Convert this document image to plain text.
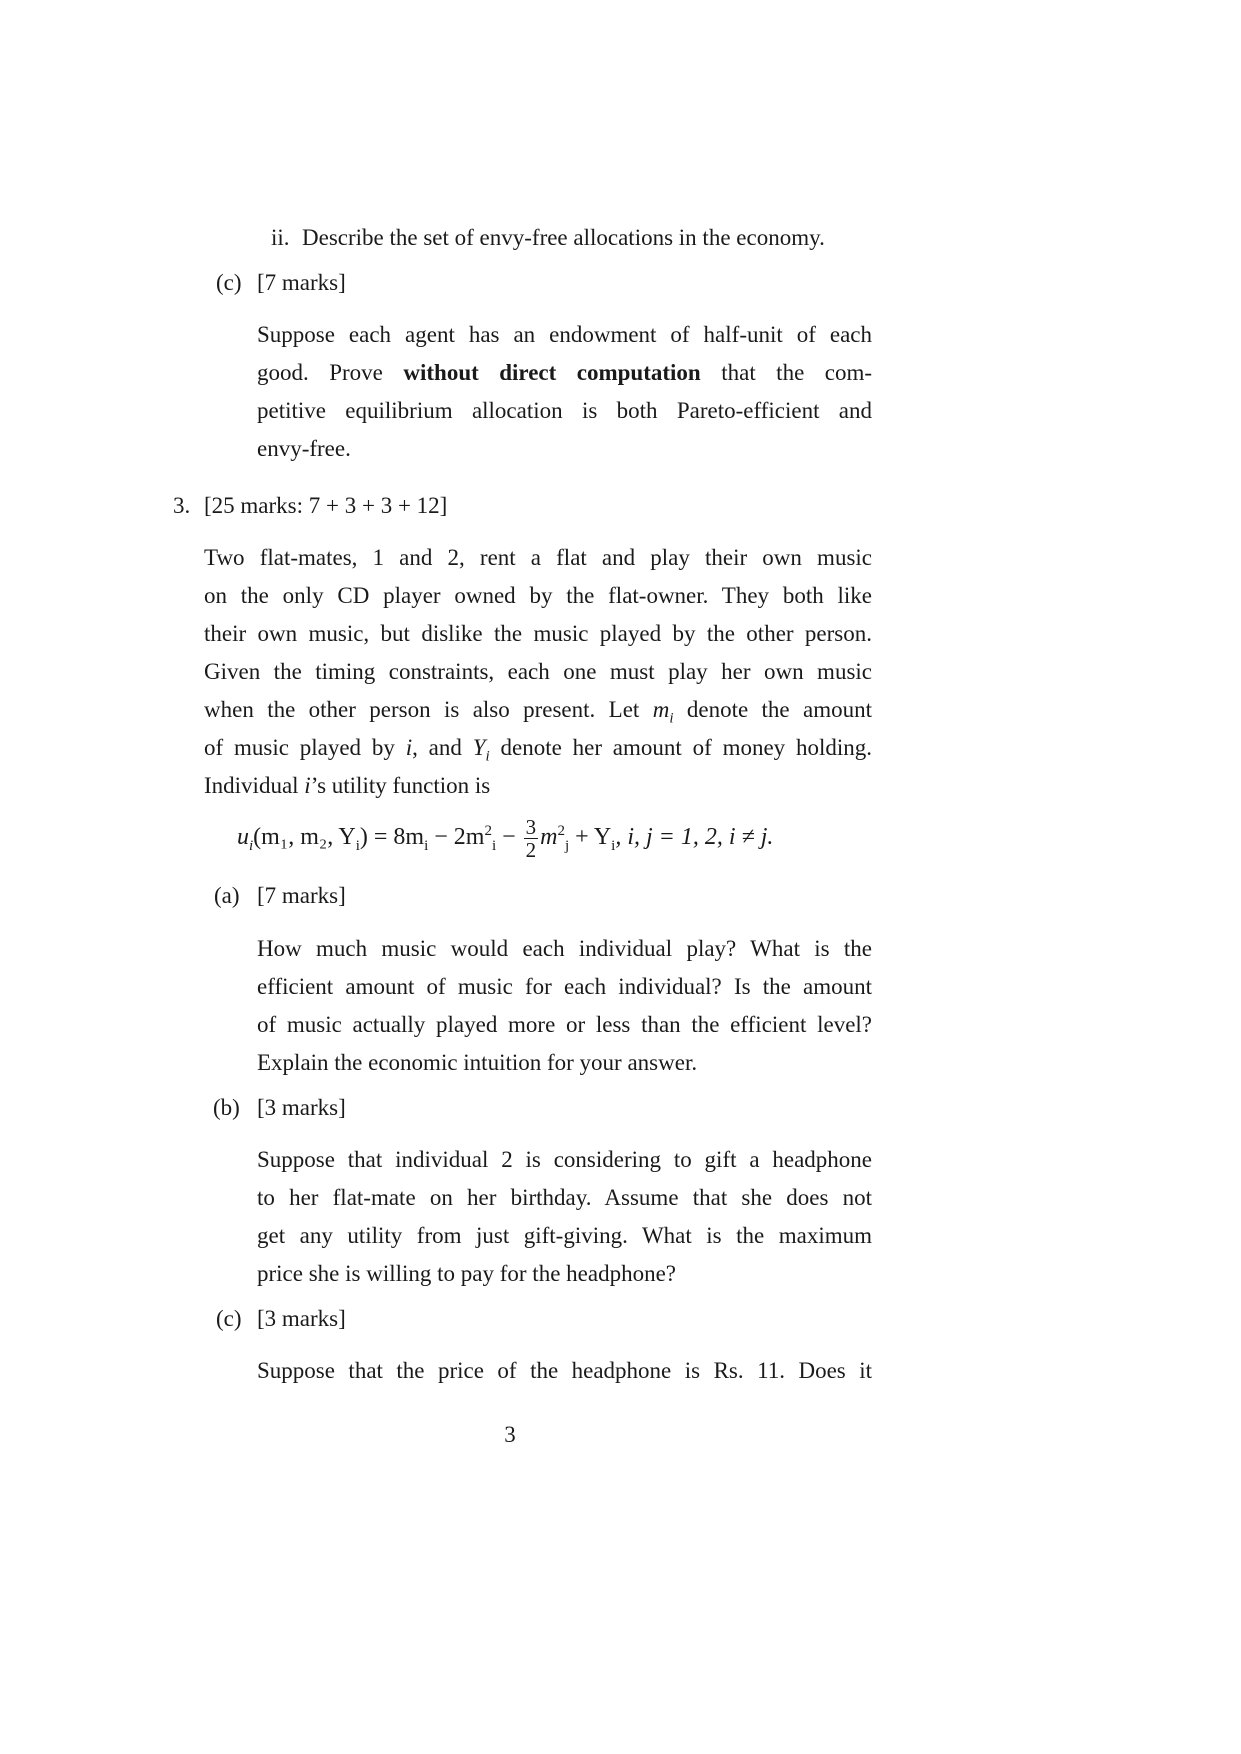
ii. Describe the set of envy-free allocations in the economy.
(c) [7 marks]

Suppose each agent has an endowment of half-unit of each

good. Prove without direct computation that the com-

petitive equilibrium allocation is both Pareto-efficient and

envy-free.

3. [25 marks: 7 + 3 + 3 + 12]

Two flat-mates, 1 and 2, rent a flat and play their own music

on the only CD player owned by the flat-owner. They both like

their own music, but dislike the music played by the other person.

Given the timing constraints, each one must play her own music

when the other person is also present. Let $m_i$ denote the amount

of music played by i, and $Y_i$ denote her amount of money holding.

Individual i’s utility function is

$u_i(m_1$, m₂, $Y_i) = 8m_i - 2m^2_i - \frac{3}{2} m^2_j + Y_i$, i, j = 1, 2, i ≠ j.
(a) [7 marks]

How much music would each individual play? What is the

efficient amount of music for each individual? Is the amount

of music actually played more or less than the efficient level?

Explain the economic intuition for your answer.

(b) [3 marks]

Suppose that individual 2 is considering to gift a headphone

to her flat-mate on her birthday. Assume that she does not

get any utility from just gift-giving. What is the maximum

price she is willing to pay for the headphone?

(c) [3 marks]

Suppose that the price of the headphone is Rs. 11. Does it

3
